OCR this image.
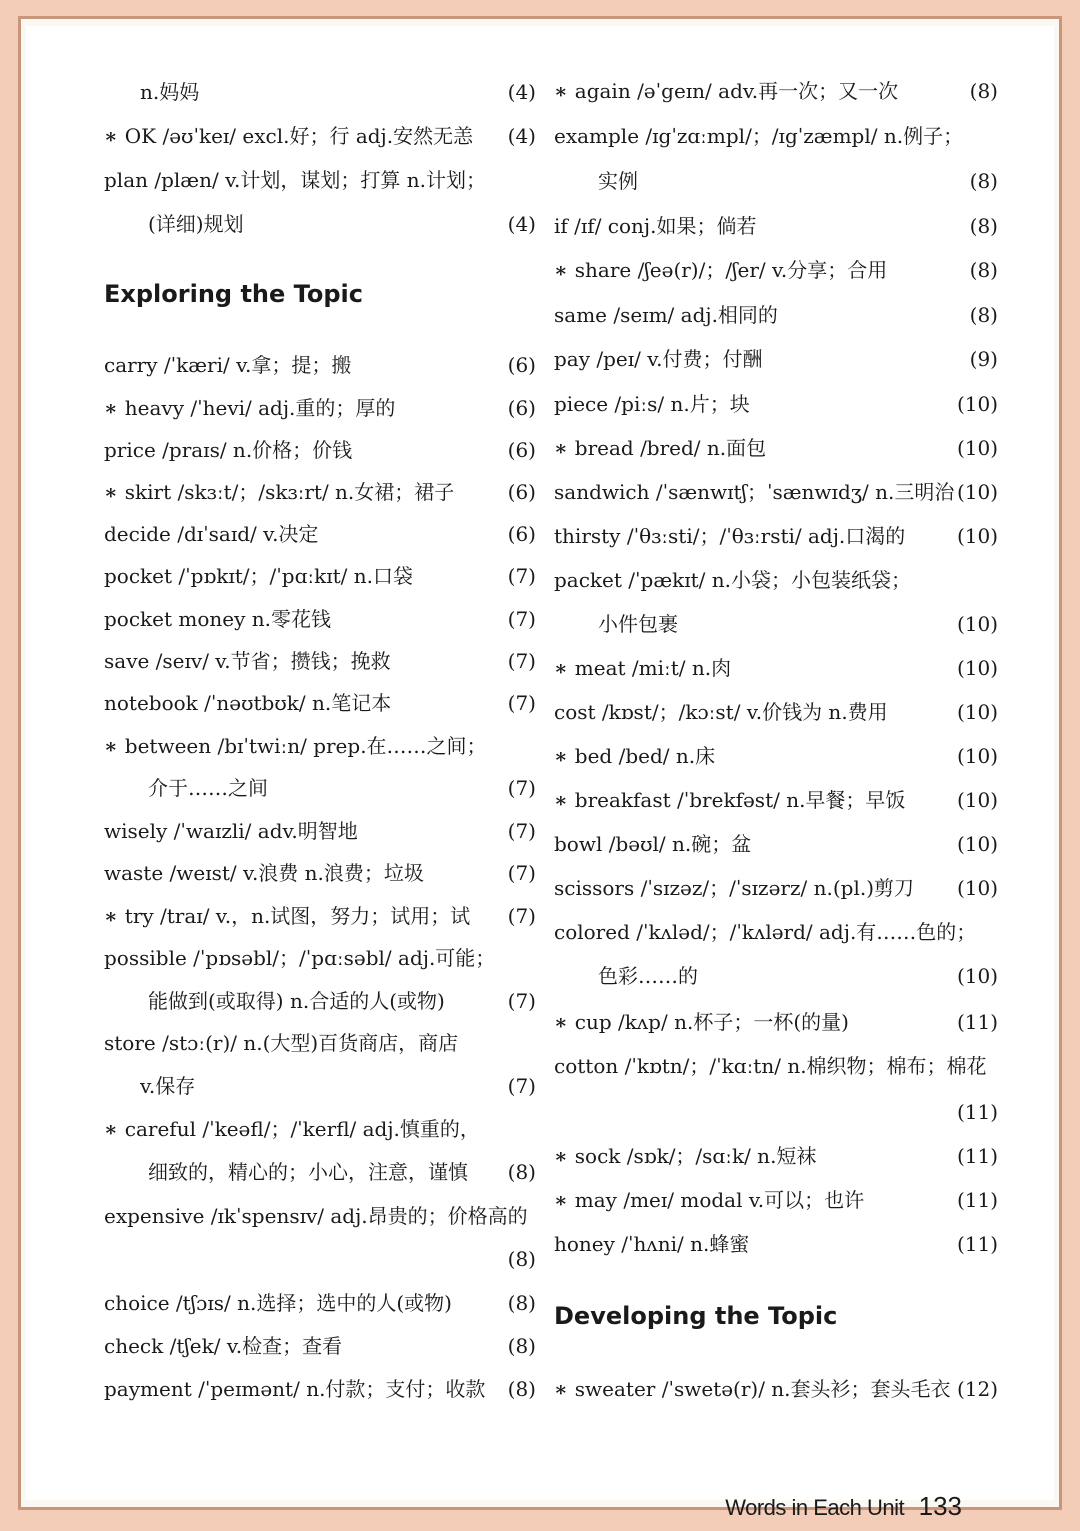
n.妈妈	(4)
∗ OK /əʊˈkeɪ/ excl.好；行 adj.安然无恙	(4)
plan /plæn/ v.计划，谋划；打算 n.计划；
(详细)规划	(4)
Exploring the Topic
carry /ˈkæri/ v.拿；提；搬	(6)
∗ heavy /ˈhevi/ adj.重的；厚的	(6)
price /praɪs/ n.价格；价钱	(6)
∗ skirt /skɜːt/；/skɜːrt/ n.女裙；裙子	(6)
decide /dɪˈsaɪd/ v.决定	(6)
pocket /ˈpɒkɪt/；/ˈpɑːkɪt/ n.口袋	(7)
pocket money n.零花钱	(7)
save /seɪv/ v.节省；攒钱；挽救	(7)
notebook /ˈnəʊtbʊk/ n.笔记本	(7)
∗ between /bɪˈtwiːn/ prep.在……之间；
介于……之间	(7)
wisely /ˈwaɪzli/ adv.明智地	(7)
waste /weɪst/ v.浪费 n.浪费；垃圾	(7)
∗ try /traɪ/ v.，n.试图，努力；试用；试	(7)
possible /ˈpɒsəbl/；/ˈpɑːsəbl/ adj.可能；
能做到(或取得) n.合适的人(或物)	(7)
store /stɔː(r)/ n.(大型)百货商店，商店
v.保存	(7)
∗ careful /ˈkeəfl/；/ˈkerfl/ adj.慎重的，
细致的，精心的；小心，注意，谨慎	(8)
expensive /ɪkˈspensɪv/ adj.昂贵的；价格高的
(8)
choice /tʃɔɪs/ n.选择；选中的人(或物)	(8)
check /tʃek/ v.检查；查看	(8)
payment /ˈpeɪmənt/ n.付款；支付；收款	(8)
∗ again /əˈgeɪn/ adv.再一次；又一次	(8)
example /ɪgˈzɑːmpl/；/ɪgˈzæmpl/ n.例子；
实例	(8)
if /ɪf/ conj.如果；倘若	(8)
∗ share /ʃeə(r)/；/ʃer/ v.分享；合用	(8)
same /seɪm/ adj.相同的	(8)
pay /peɪ/ v.付费；付酬	(9)
piece /piːs/ n.片；块	(10)
∗ bread /bred/ n.面包	(10)
sandwich /ˈsænwɪtʃ；ˈsænwɪdʒ/ n.三明治 (10)
thirsty /ˈθɜːsti/；/ˈθɜːrsti/ adj.口渴的	(10)
packet /ˈpækɪt/ n.小袋；小包装纸袋；
小件包裹	(10)
∗ meat /miːt/ n.肉	(10)
cost /kɒst/；/kɔːst/ v.价钱为 n.费用	(10)
∗ bed /bed/ n.床	(10)
∗ breakfast /ˈbrekfəst/ n.早餐；早饭	(10)
bowl /bəʊl/ n.碗；盆	(10)
scissors /ˈsɪzəz/；/ˈsɪzərz/ n.(pl.)剪刀	(10)
colored /ˈkʌləd/；/ˈkʌlərd/ adj.有……色的；
色彩……的	(10)
∗ cup /kʌp/ n.杯子；一杯(的量)	(11)
cotton /ˈkɒtn/；/ˈkɑːtn/ n.棉织物；棉布；棉花
(11)
∗ sock /sɒk/；/sɑːk/ n.短袜	(11)
∗ may /meɪ/ modal v.可以；也许	(11)
honey /ˈhʌni/ n.蜂蜜	(11)
Developing the Topic
∗ sweater /ˈswetə(r)/ n.套头衫；套头毛衣 (12)
Words in Each Unit 133
